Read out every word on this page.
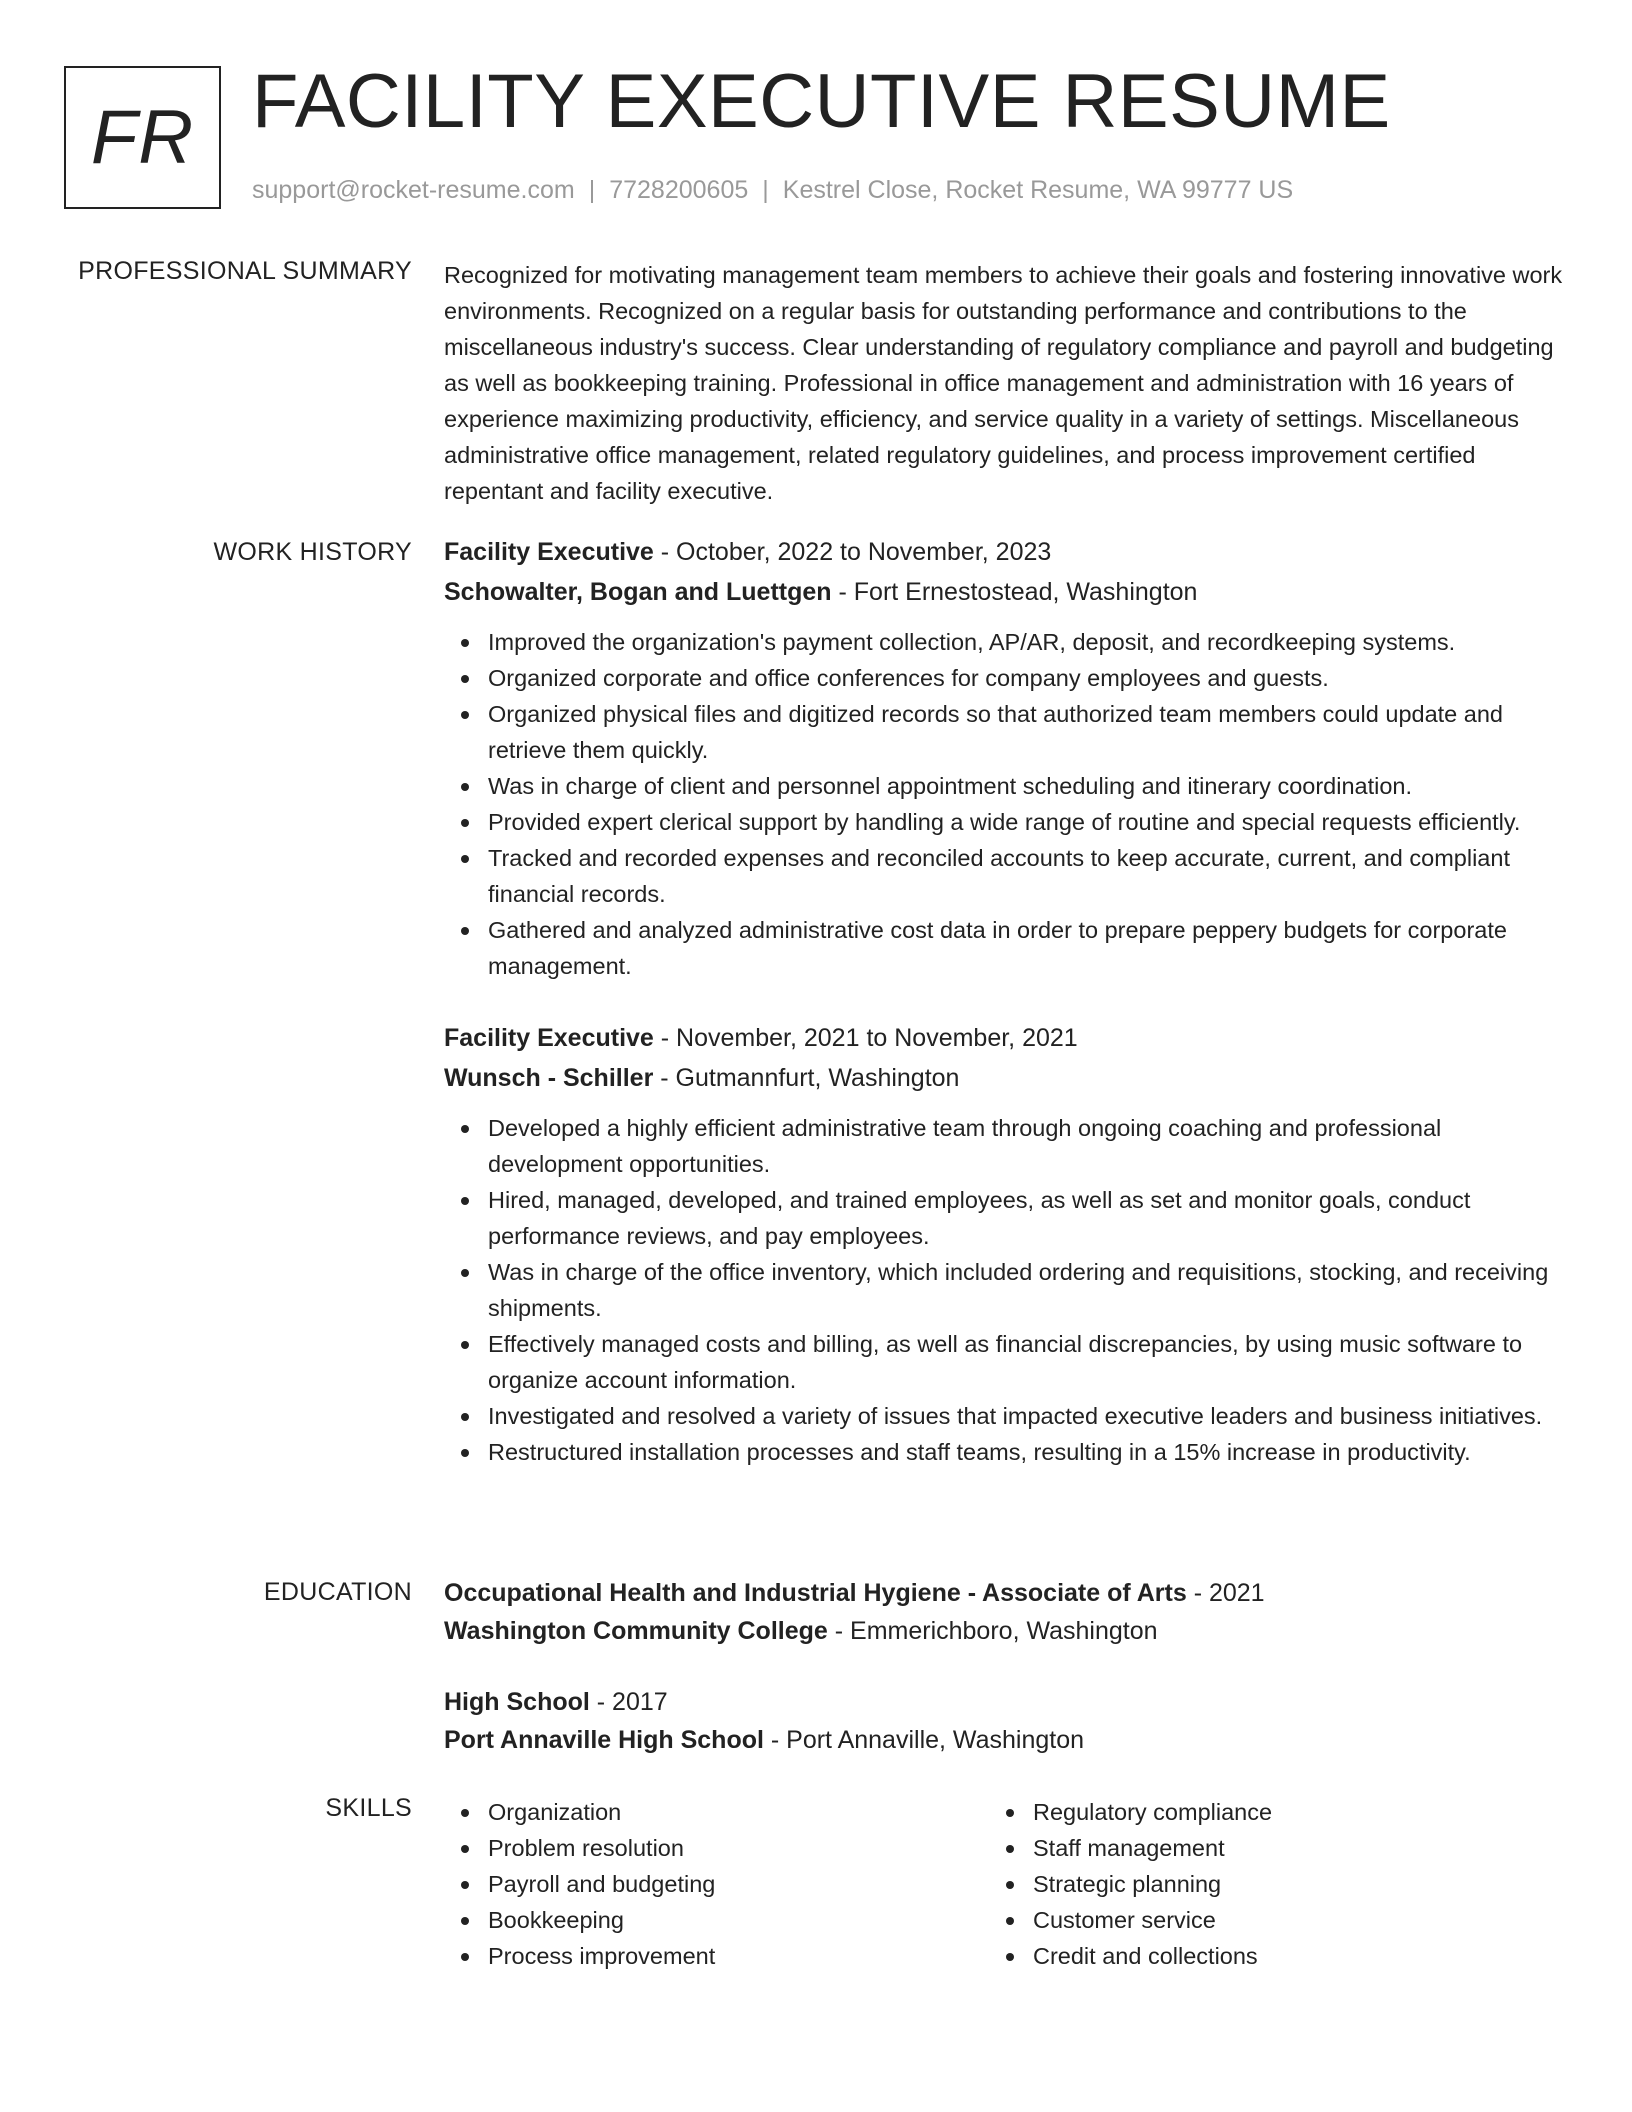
FR FACILITY EXECUTIVE RESUME
support@rocket-resume.com | 7728200605 | Kestrel Close, Rocket Resume, WA 99777 US
PROFESSIONAL SUMMARY Recognized for motivating management team members to achieve their goals and fostering innovative work environments. Recognized on a regular basis for outstanding performance and contributions to the miscellaneous industry's success. Clear understanding of regulatory compliance and payroll and budgeting as well as bookkeeping training. Professional in office management and administration with 16 years of experience maximizing productivity, efficiency, and service quality in a variety of settings. Miscellaneous administrative office management, related regulatory guidelines, and process improvement certified repentant and facility executive.

WORK HISTORY Facility Executive - October, 2022 to November, 2023
Schowalter, Bogan and Luettgen - Fort Ernestostead, Washington
Improved the organization's payment collection, AP/AR, deposit, and recordkeeping systems.
Organized corporate and office conferences for company employees and guests.
Organized physical files and digitized records so that authorized team members could update and retrieve them quickly.
Was in charge of client and personnel appointment scheduling and itinerary coordination.
Provided expert clerical support by handling a wide range of routine and special requests efficiently.
Tracked and recorded expenses and reconciled accounts to keep accurate, current, and compliant financial records.
Gathered and analyzed administrative cost data in order to prepare peppery budgets for corporate management.
Facility Executive - November, 2021 to November, 2021
Wunsch - Schiller - Gutmannfurt, Washington
Developed a highly efficient administrative team through ongoing coaching and professional development opportunities.
Hired, managed, developed, and trained employees, as well as set and monitor goals, conduct performance reviews, and pay employees.
Was in charge of the office inventory, which included ordering and requisitions, stocking, and receiving shipments.
Effectively managed costs and billing, as well as financial discrepancies, by using music software to organize account information.
Investigated and resolved a variety of issues that impacted executive leaders and business initiatives.
Restructured installation processes and staff teams, resulting in a 15% increase in productivity.
EDUCATION Occupational Health and Industrial Hygiene - Associate of Arts - 2021
Washington Community College - Emmerichboro, Washington
High School - 2017
Port Annaville High School - Port Annaville, Washington
SKILLS	Organization
Problem resolution
Payroll and budgeting
Bookkeeping
Process improvement
Regulatory compliance
Staff management
Strategic planning
Customer service
Credit and collections
